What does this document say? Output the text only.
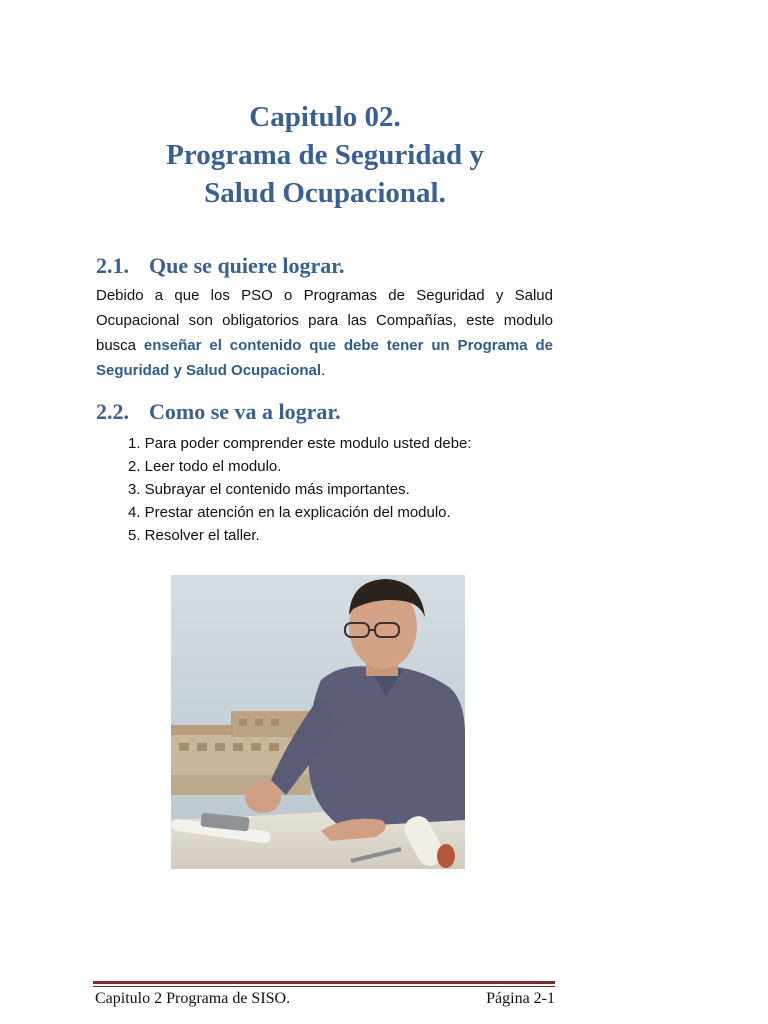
Capitulo 02.
Programa de Seguridad y
Salud Ocupacional.
2.1. Que se quiere lograr.
Debido a que los PSO o Programas de Seguridad y Salud Ocupacional son obligatorios para las Compañías, este modulo busca enseñar el contenido que debe tener un Programa de Seguridad y Salud Ocupacional.
2.2. Como se va a lograr.
1. Para poder comprender este modulo usted debe:
2. Leer todo el modulo.
3. Subrayar el contenido más importantes.
4. Prestar atención en la explicación del modulo.
5. Resolver el taller.
Capitulo 2 Programa de SISO.	Página 2-1
